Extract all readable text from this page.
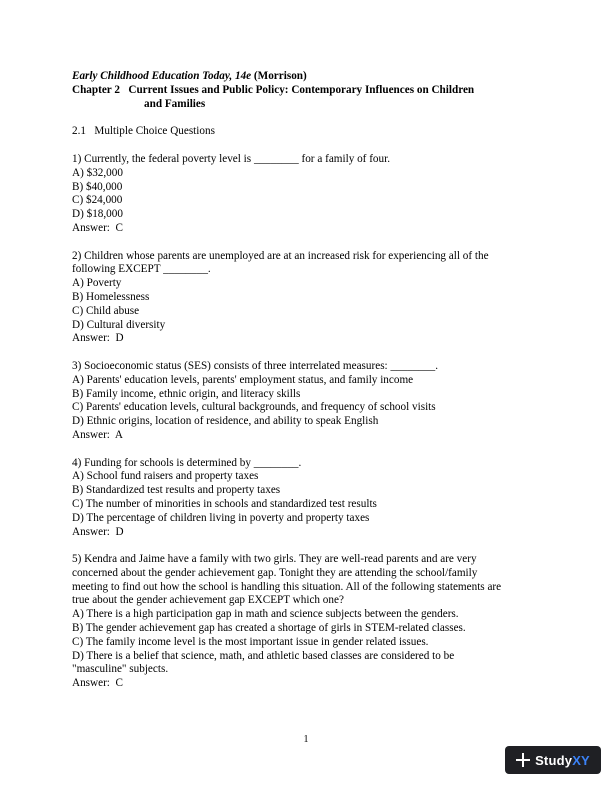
Early Childhood Education Today, 14e (Morrison)
Chapter 2 Current Issues and Public Policy: Contemporary Influences on Children
and Families
2.1   Multiple Choice Questions
1) Currently, the federal poverty level is ________ for a family of four.
A) $32,000
B) $40,000
C) $24,000
D) $18,000
Answer:  C
2) Children whose parents are unemployed are at an increased risk for experiencing all of the
following EXCEPT ________.
A) Poverty
B) Homelessness
C) Child abuse
D) Cultural diversity
Answer:  D
3) Socioeconomic status (SES) consists of three interrelated measures: ________.
A) Parents' education levels, parents' employment status, and family income
B) Family income, ethnic origin, and literacy skills
C) Parents' education levels, cultural backgrounds, and frequency of school visits
D) Ethnic origins, location of residence, and ability to speak English
Answer:  A
4) Funding for schools is determined by ________.
A) School fund raisers and property taxes
B) Standardized test results and property taxes
C) The number of minorities in schools and standardized test results
D) The percentage of children living in poverty and property taxes
Answer:  D
5) Kendra and Jaime have a family with two girls. They are well-read parents and are very
concerned about the gender achievement gap. Tonight they are attending the school/family
meeting to find out how the school is handling this situation. All of the following statements are
true about the gender achievement gap EXCEPT which one?
A) There is a high participation gap in math and science subjects between the genders.
B) The gender achievement gap has created a shortage of girls in STEM-related classes.
C) The family income level is the most important issue in gender related issues.
D) There is a belief that science, math, and athletic based classes are considered to be
"masculine" subjects.
Answer:  C
1
StudyXY
